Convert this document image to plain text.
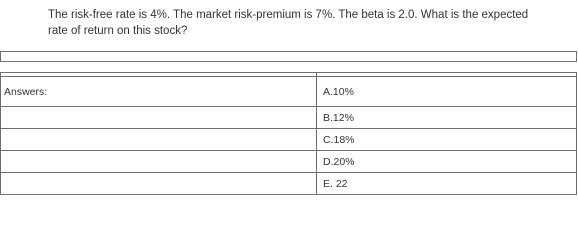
The risk-free rate is 4%. The market risk-premium is 7%. The beta is 2.0. What is the expected
rate of return on this stock?

Answers:	A.10%
	B.12%
	C.18%
	D.20%
	E. 22
